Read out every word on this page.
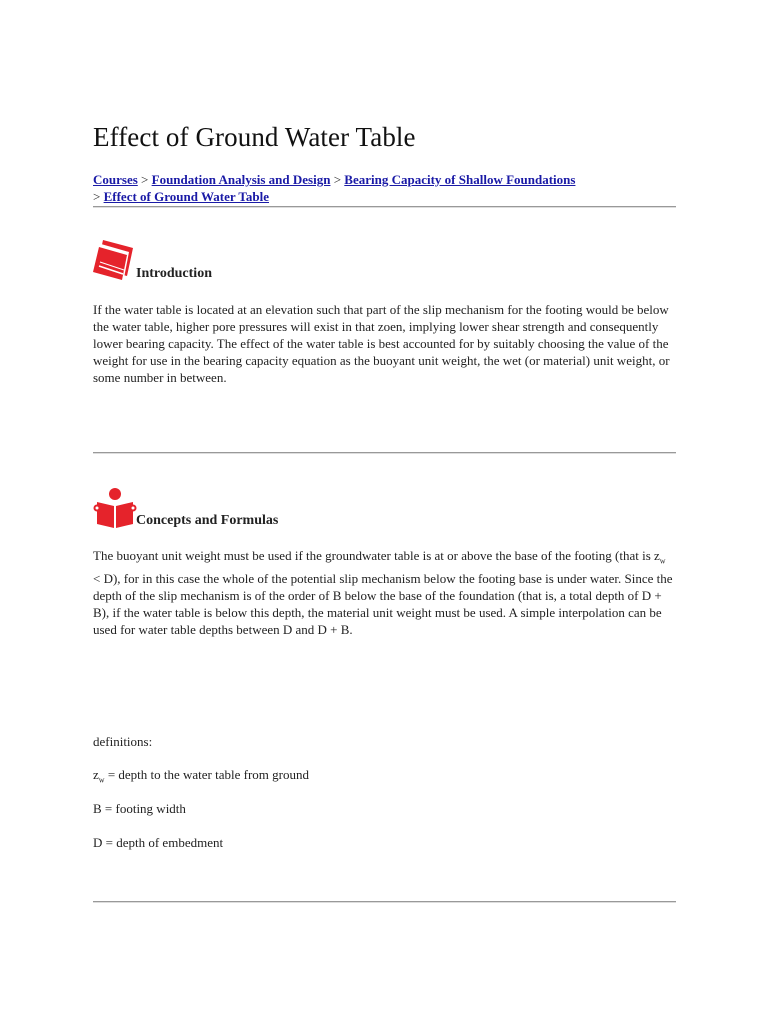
Effect of Ground Water Table
Courses > Foundation Analysis and Design > Bearing Capacity of Shallow Foundations
> Effect of Ground Water Table
Introduction
If the water table is located at an elevation such that part of the slip mechanism for the footing would be below the water table, higher pore pressures will exist in that zoen, implying lower shear strength and consequently lower bearing capacity. The effect of the water table is best accounted for by suitably choosing the value of the weight for use in the bearing capacity equation as the buoyant unit weight, the wet (or material) unit weight, or some number in between.
Concepts and Formulas
The buoyant unit weight must be used if the groundwater table is at or above the base of the footing (that is $z_w < D$), for in this case the whole of the potential slip mechanism below the footing base is under water. Since the depth of the slip mechanism is of the order of B below the base of the foundation (that is, a total depth of D + B), if the water table is below this depth, the material unit weight must be used. A simple interpolation can be used for water table depths between D and D + B.
definitions:
$z_w$ = depth to the water table from ground
B = footing width
D = depth of embedment
